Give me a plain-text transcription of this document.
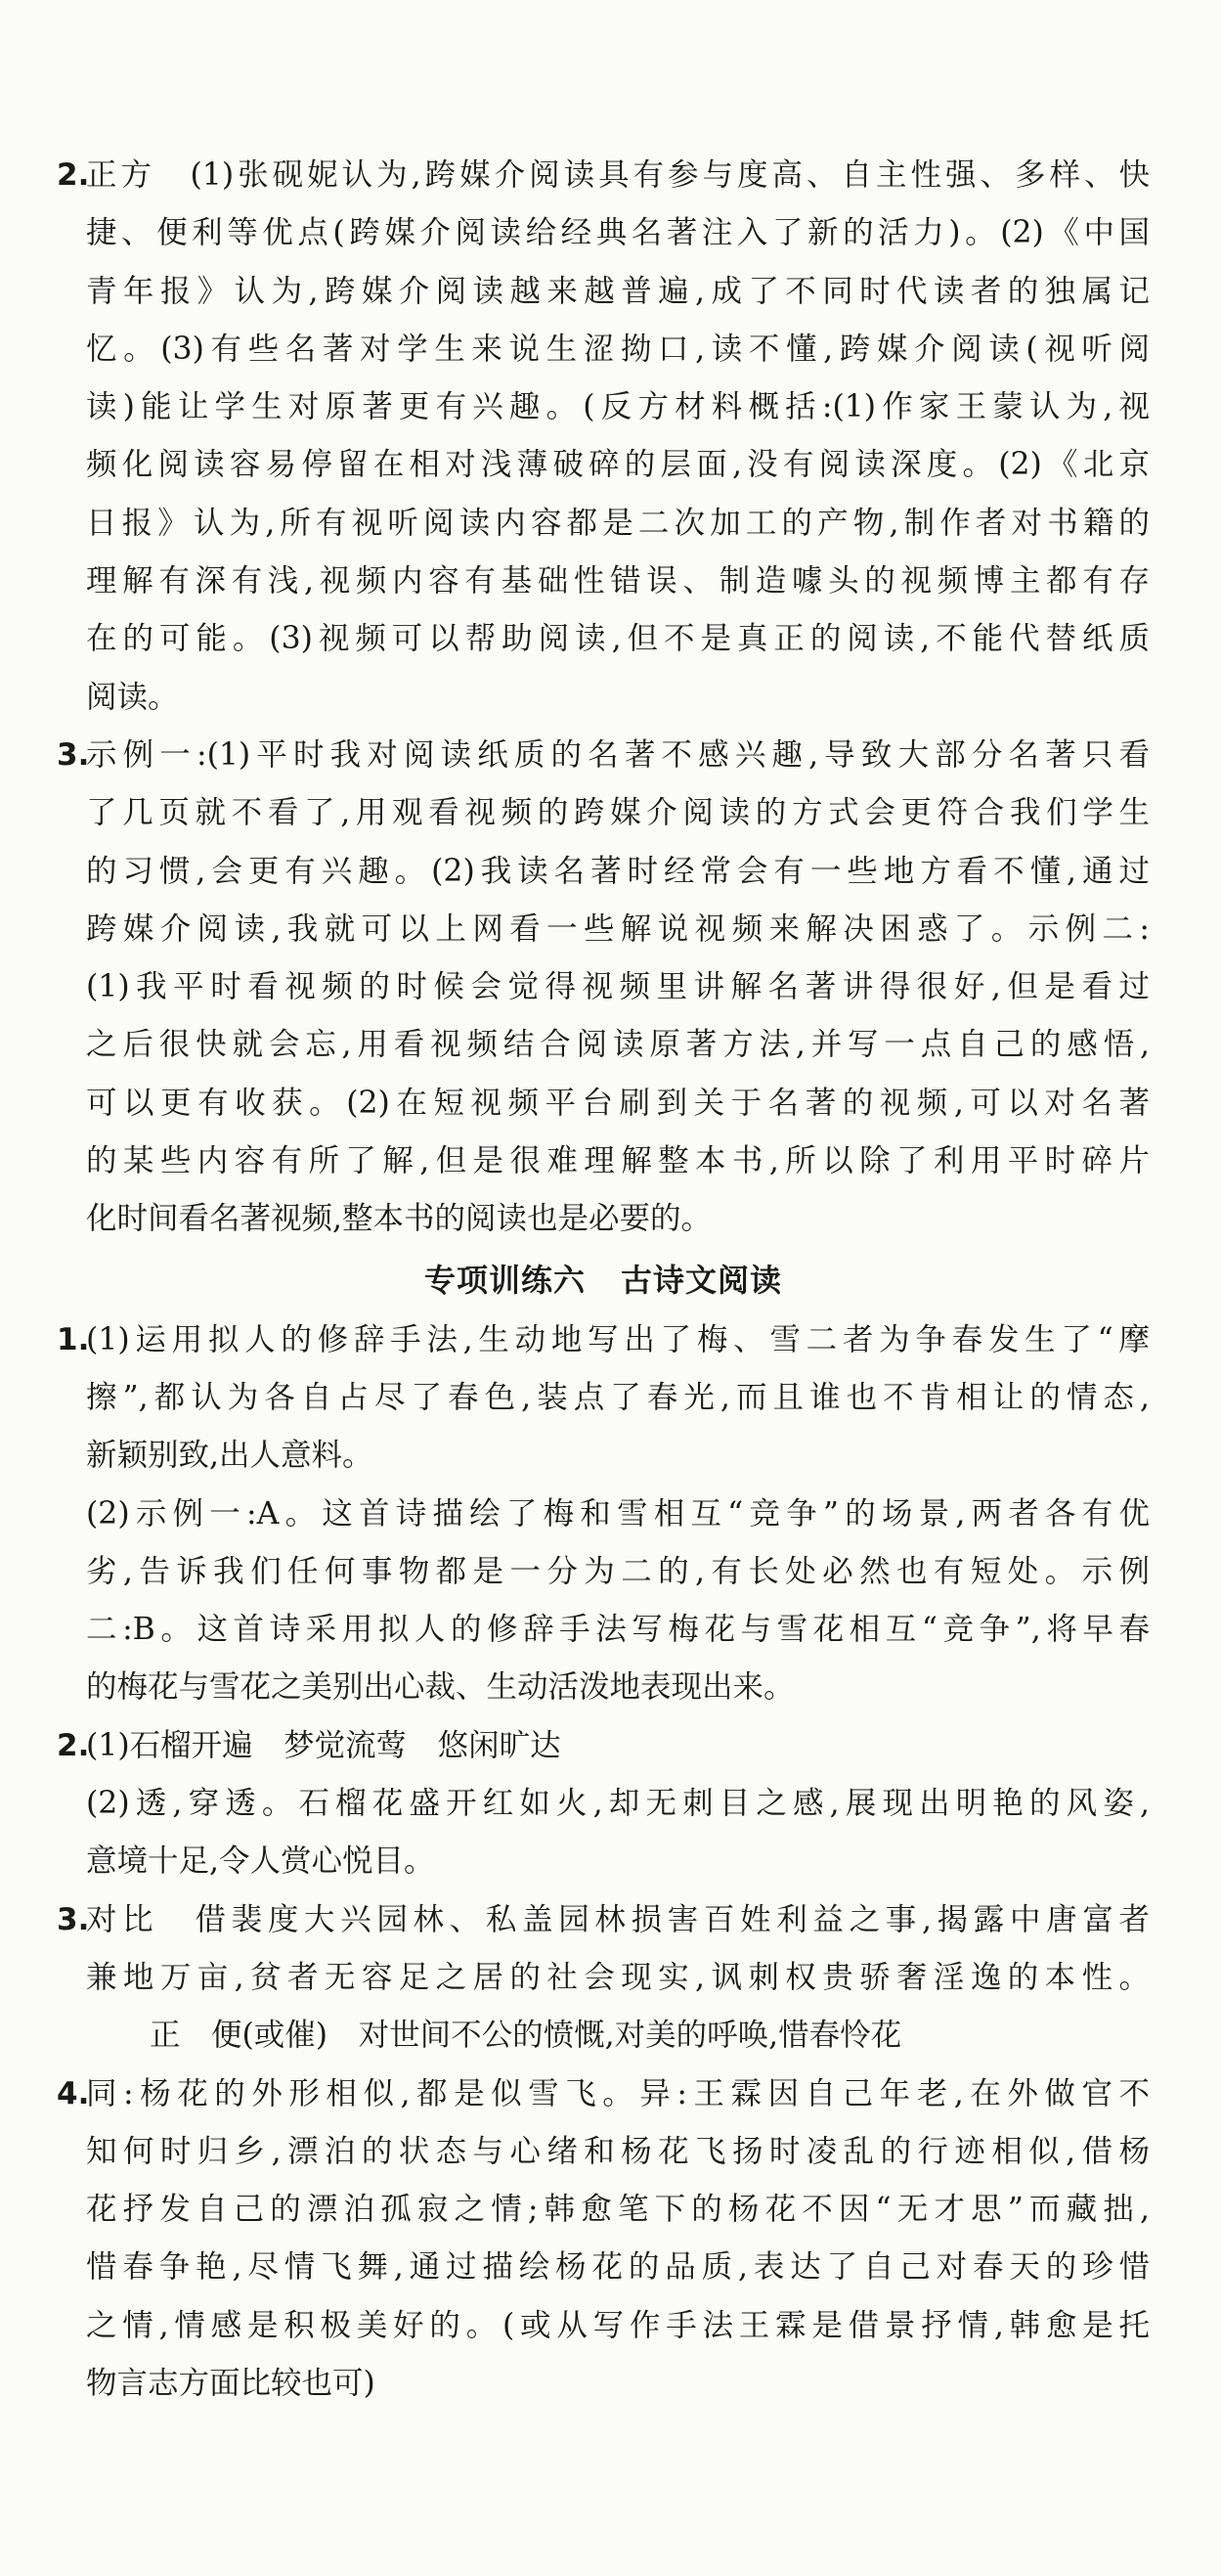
2.
正方　(1)张砚妮认为,跨媒介阅读具有参与度高、自主性强、多样、快
捷、便利等优点(跨媒介阅读给经典名著注入了新的活力)。(2)《中国
青年报》认为,跨媒介阅读越来越普遍,成了不同时代读者的独属记
忆。(3)有些名著对学生来说生涩拗口,读不懂,跨媒介阅读(视听阅
读)能让学生对原著更有兴趣。(反方材料概括:(1)作家王蒙认为,视
频化阅读容易停留在相对浅薄破碎的层面,没有阅读深度。(2)《北京
日报》认为,所有视听阅读内容都是二次加工的产物,制作者对书籍的
理解有深有浅,视频内容有基础性错误、制造噱头的视频博主都有存
在的可能。(3)视频可以帮助阅读,但不是真正的阅读,不能代替纸质
阅读。
3.
示例一:(1)平时我对阅读纸质的名著不感兴趣,导致大部分名著只看
了几页就不看了,用观看视频的跨媒介阅读的方式会更符合我们学生
的习惯,会更有兴趣。(2)我读名著时经常会有一些地方看不懂,通过
跨媒介阅读,我就可以上网看一些解说视频来解决困惑了。示例二:
(1)我平时看视频的时候会觉得视频里讲解名著讲得很好,但是看过
之后很快就会忘,用看视频结合阅读原著方法,并写一点自己的感悟,
可以更有收获。(2)在短视频平台刷到关于名著的视频,可以对名著
的某些内容有所了解,但是很难理解整本书,所以除了利用平时碎片
化时间看名著视频,整本书的阅读也是必要的。
专项训练六 古诗文阅读
1.
(1)运用拟人的修辞手法,生动地写出了梅、雪二者为争春发生了“摩
擦”,都认为各自占尽了春色,装点了春光,而且谁也不肯相让的情态,
新颖别致,出人意料。
(2)示例一:A。这首诗描绘了梅和雪相互“竞争”的场景,两者各有优
劣,告诉我们任何事物都是一分为二的,有长处必然也有短处。示例
二:B。这首诗采用拟人的修辞手法写梅花与雪花相互“竞争”,将早春
的梅花与雪花之美别出心裁、生动活泼地表现出来。
2.
(1)石榴开遍　梦觉流莺　悠闲旷达
(2)透,穿透。石榴花盛开红如火,却无刺目之感,展现出明艳的风姿,
意境十足,令人赏心悦目。
3.
对比　借裴度大兴园林、私盖园林损害百姓利益之事,揭露中唐富者
兼地万亩,贫者无容足之居的社会现实,讽刺权贵骄奢淫逸的本性。
正　便(或催)　对世间不公的愤慨,对美的呼唤,惜春怜花
4.
同:杨花的外形相似,都是似雪飞。异:王霖因自己年老,在外做官不
知何时归乡,漂泊的状态与心绪和杨花飞扬时凌乱的行迹相似,借杨
花抒发自己的漂泊孤寂之情;韩愈笔下的杨花不因“无才思”而藏拙,
惜春争艳,尽情飞舞,通过描绘杨花的品质,表达了自己对春天的珍惜
之情,情感是积极美好的。(或从写作手法王霖是借景抒情,韩愈是托
物言志方面比较也可)
